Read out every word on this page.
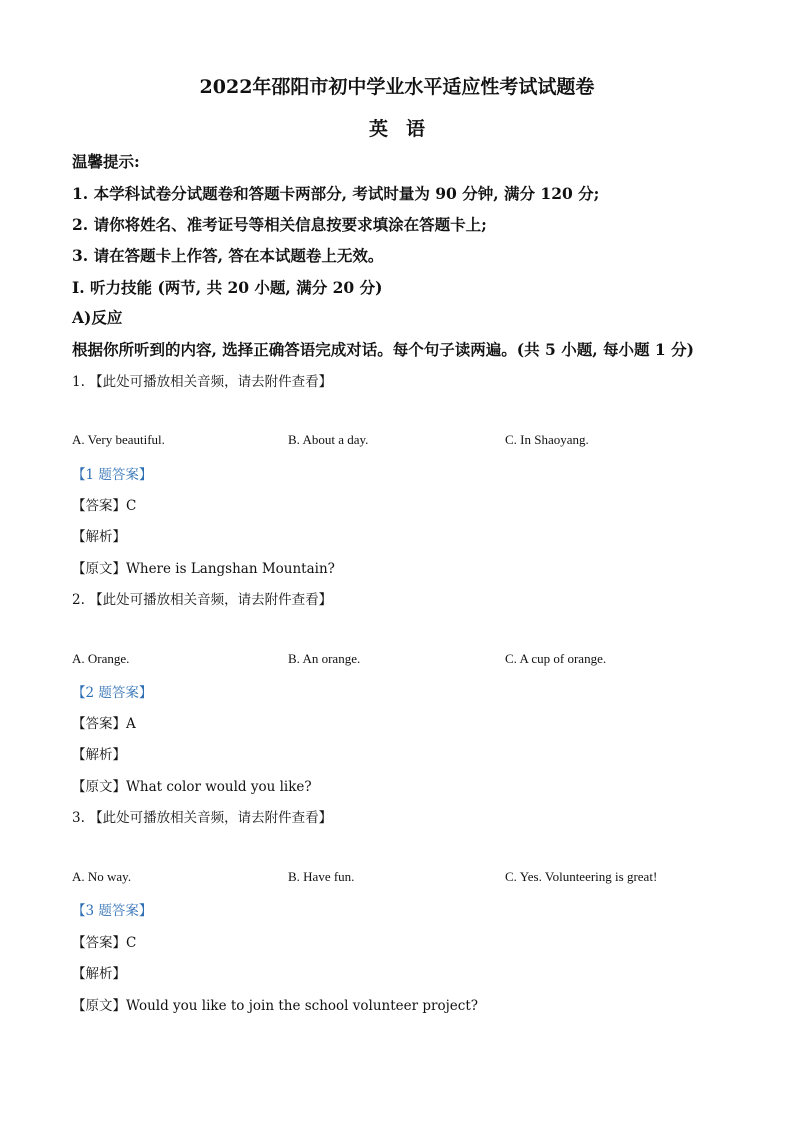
2022年邵阳市初中学业水平适应性考试试题卷
英语
温馨提示:
1. 本学科试卷分试题卷和答题卡两部分, 考试时量为 90 分钟, 满分 120 分;
2. 请你将姓名、准考证号等相关信息按要求填涂在答题卡上;
3. 请在答题卡上作答, 答在本试题卷上无效。
I. 听力技能 (两节, 共 20 小题, 满分 20 分)
A)反应
根据你所听到的内容, 选择正确答语完成对话。每个句子读两遍。(共 5 小题, 每小题 1 分)
1. 【此处可播放相关音频，请去附件查看】
A. Very beautiful.	B. About a day.	C. In Shaoyang.
【1 题答案】
【答案】C
【解析】
【原文】Where is Langshan Mountain?
2. 【此处可播放相关音频，请去附件查看】
A. Orange.	B. An orange.	C. A cup of orange.
【2 题答案】
【答案】A
【解析】
【原文】What color would you like?
3. 【此处可播放相关音频，请去附件查看】
A. No way.	B. Have fun.	C. Yes. Volunteering is great!
【3 题答案】
【答案】C
【解析】
【原文】Would you like to join the school volunteer project?
